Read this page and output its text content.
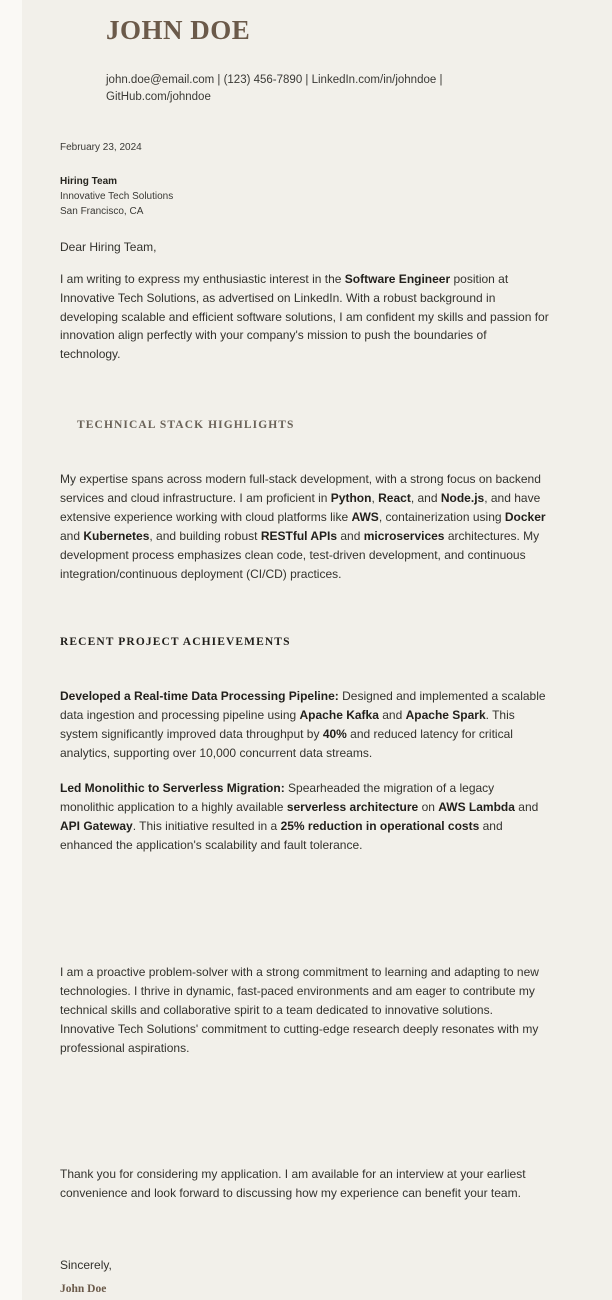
JOHN DOE
john.doe@email.com | (123) 456-7890 | LinkedIn.com/in/johndoe | GitHub.com/johndoe
February 23, 2024
Hiring Team
Innovative Tech Solutions
San Francisco, CA
Dear Hiring Team,

I am writing to express my enthusiastic interest in the Software Engineer position at Innovative Tech Solutions, as advertised on LinkedIn. With a robust background in developing scalable and efficient software solutions, I am confident my skills and passion for innovation align perfectly with your company's mission to push the boundaries of technology.

TECHNICAL STACK HIGHLIGHTS

My expertise spans across modern full-stack development, with a strong focus on backend services and cloud infrastructure. I am proficient in Python, React, and Node.js, and have extensive experience working with cloud platforms like AWS, containerization using Docker and Kubernetes, and building robust RESTful APIs and microservices architectures. My development process emphasizes clean code, test-driven development, and continuous integration/continuous deployment (CI/CD) practices.

RECENT PROJECT ACHIEVEMENTS

Developed a Real-time Data Processing Pipeline: Designed and implemented a scalable data ingestion and processing pipeline using Apache Kafka and Apache Spark. This system significantly improved data throughput by 40% and reduced latency for critical analytics, supporting over 10,000 concurrent data streams.

Led Monolithic to Serverless Migration: Spearheaded the migration of a legacy monolithic application to a highly available serverless architecture on AWS Lambda and API Gateway. This initiative resulted in a 25% reduction in operational costs and enhanced the application's scalability and fault tolerance.

I am a proactive problem-solver with a strong commitment to learning and adapting to new technologies. I thrive in dynamic, fast-paced environments and am eager to contribute my technical skills and collaborative spirit to a team dedicated to innovative solutions. Innovative Tech Solutions' commitment to cutting-edge research deeply resonates with my professional aspirations.

Thank you for considering my application. I am available for an interview at your earliest convenience and look forward to discussing how my experience can benefit your team.

Sincerely,
John Doe
